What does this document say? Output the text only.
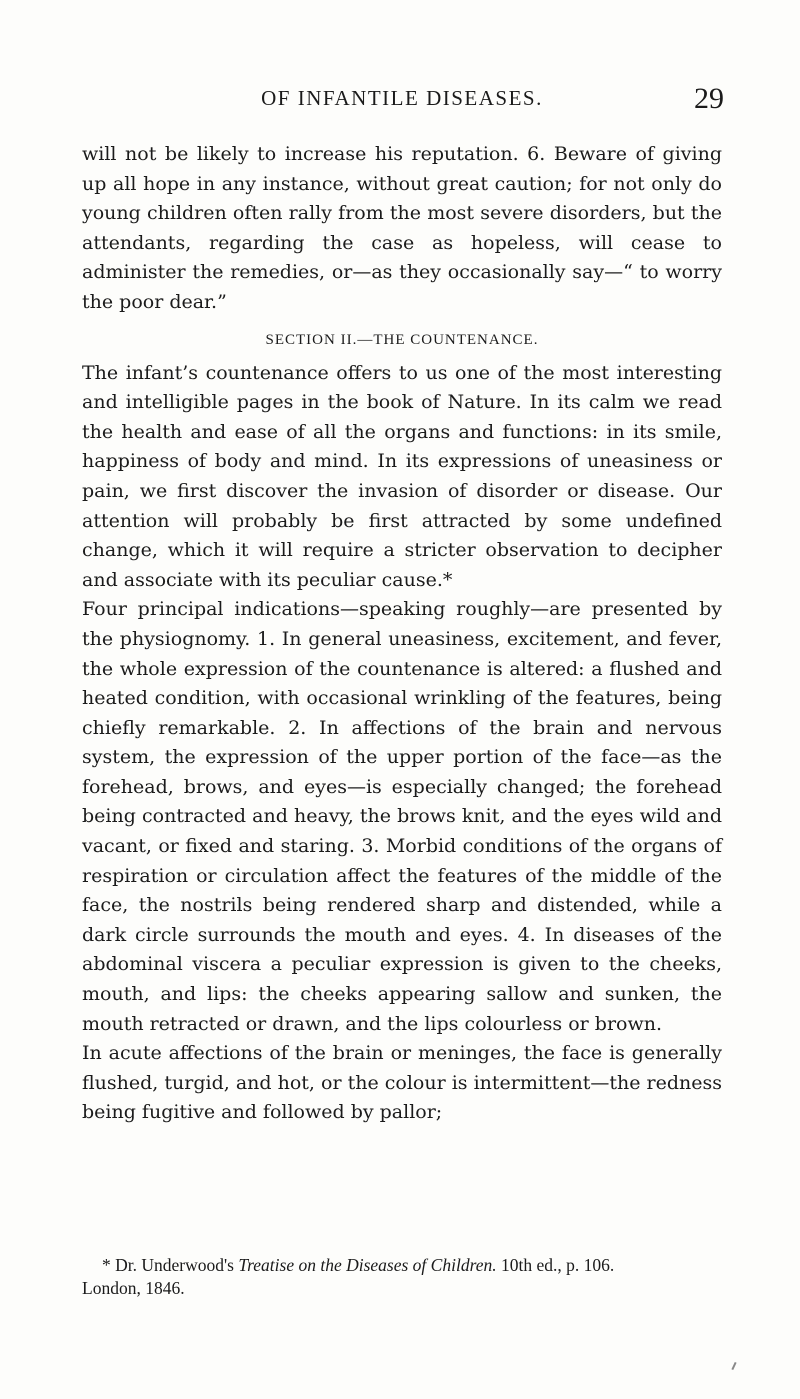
OF INFANTILE DISEASES.	29

will not be likely to increase his reputation. 6. Beware of giving up all hope in any instance, without great caution; for not only do young children often rally from the most severe disorders, but the attendants, regarding the case as hopeless, will cease to administer the remedies, or—as they occasionally say—“ to worry the poor dear.”

SECTION II.—THE COUNTENANCE.

The infant’s countenance offers to us one of the most interesting and intelligible pages in the book of Nature. In its calm we read the health and ease of all the organs and functions: in its smile, happiness of body and mind. In its expressions of uneasiness or pain, we first discover the invasion of disorder or disease. Our attention will probably be first attracted by some undefined change, which it will require a stricter observation to decipher and associate with its peculiar cause.*

Four principal indications—speaking roughly—are presented by the physiognomy. 1. In general uneasiness, excitement, and fever, the whole expression of the countenance is altered: a flushed and heated condition, with occasional wrinkling of the features, being chiefly remarkable. 2. In affections of the brain and nervous system, the expression of the upper portion of the face—as the forehead, brows, and eyes—is especially changed; the forehead being contracted and heavy, the brows knit, and the eyes wild and vacant, or fixed and staring. 3. Morbid conditions of the organs of respiration or circulation affect the features of the middle of the face, the nostrils being rendered sharp and distended, while a dark circle surrounds the mouth and eyes. 4. In diseases of the abdominal viscera a peculiar expression is given to the cheeks, mouth, and lips: the cheeks appearing sallow and sunken, the mouth retracted or drawn, and the lips colourless or brown.

In acute affections of the brain or meninges, the face is generally flushed, turgid, and hot, or the colour is intermittent—the redness being fugitive and followed by pallor;

* Dr. Underwood's Treatise on the Diseases of Children. 10th ed., p. 106.
London, 1846.
